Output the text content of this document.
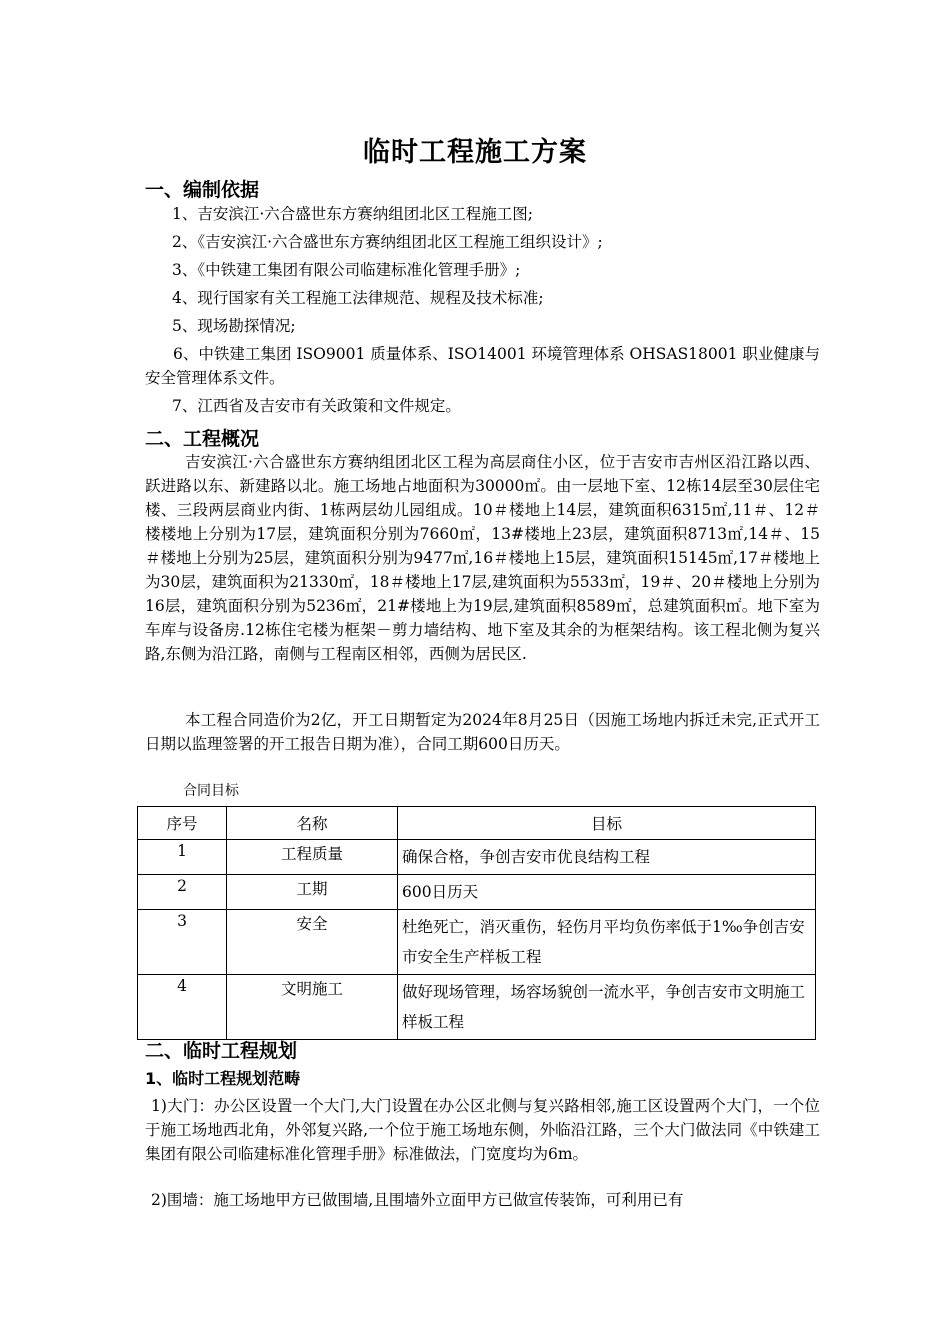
临时工程施工方案
一、编制依据
1、吉安滨江·六合盛世东方赛纳组团北区工程施工图;
2、《吉安滨江·六合盛世东方赛纳组团北区工程施工组织设计》;
3、《中铁建工集团有限公司临建标准化管理手册》;
4、现行国家有关工程施工法律规范、规程及技术标准;
5、现场勘探情况;
6、中铁建工集团 ISO9001 质量体系、ISO14001 环境管理体系 OHSAS18001 职业健康与安全管理体系文件。
7、江西省及吉安市有关政策和文件规定。
二、工程概况
吉安滨江·六合盛世东方赛纳组团北区工程为高层商住小区，位于吉安市吉州区沿江路以西、跃进路以东、新建路以北。施工场地占地面积为30000㎡。由一层地下室、12栋14层至30层住宅楼、三段两层商业内街、1栋两层幼儿园组成。10＃楼地上14层，建筑面积6315㎡,11＃、12＃楼楼地上分别为17层，建筑面积分别为7660㎡，13#楼地上23层，建筑面积8713㎡,14＃、15＃楼地上分别为25层，建筑面积分别为9477㎡,16＃楼地上15层，建筑面积15145㎡,17＃楼地上为30层，建筑面积为21330㎡，18＃楼地上17层,建筑面积为5533㎡，19＃、20＃楼地上分别为16层，建筑面积分别为5236㎡，21#楼地上为19层,建筑面积8589㎡，总建筑面积㎡。地下室为车库与设备房.12栋住宅楼为框架－剪力墙结构、地下室及其余的为框架结构。该工程北侧为复兴路,东侧为沿江路，南侧与工程南区相邻，西侧为居民区.
本工程合同造价为2亿，开工日期暂定为2024年8月25日（因施工场地内拆迁未完,正式开工日期以监理签署的开工报告日期为准），合同工期600日历天。
合同目标
序号	名称	目标
1	工程质量	确保合格，争创吉安市优良结构工程
2	工期	600日历天
3	安全	杜绝死亡，消灭重伤，轻伤月平均负伤率低于1‰争创吉安市安全生产样板工程
4	文明施工	做好现场管理，场容场貌创一流水平，争创吉安市文明施工样板工程
二、临时工程规划
1、临时工程规划范畴
1)大门：办公区设置一个大门,大门设置在办公区北侧与复兴路相邻,施工区设置两个大门，一个位于施工场地西北角，外邻复兴路,一个位于施工场地东侧，外临沿江路，三个大门做法同《中铁建工集团有限公司临建标准化管理手册》标准做法，门宽度均为6m。
2)围墙：施工场地甲方已做围墙,且围墙外立面甲方已做宣传装饰，可利用已有
